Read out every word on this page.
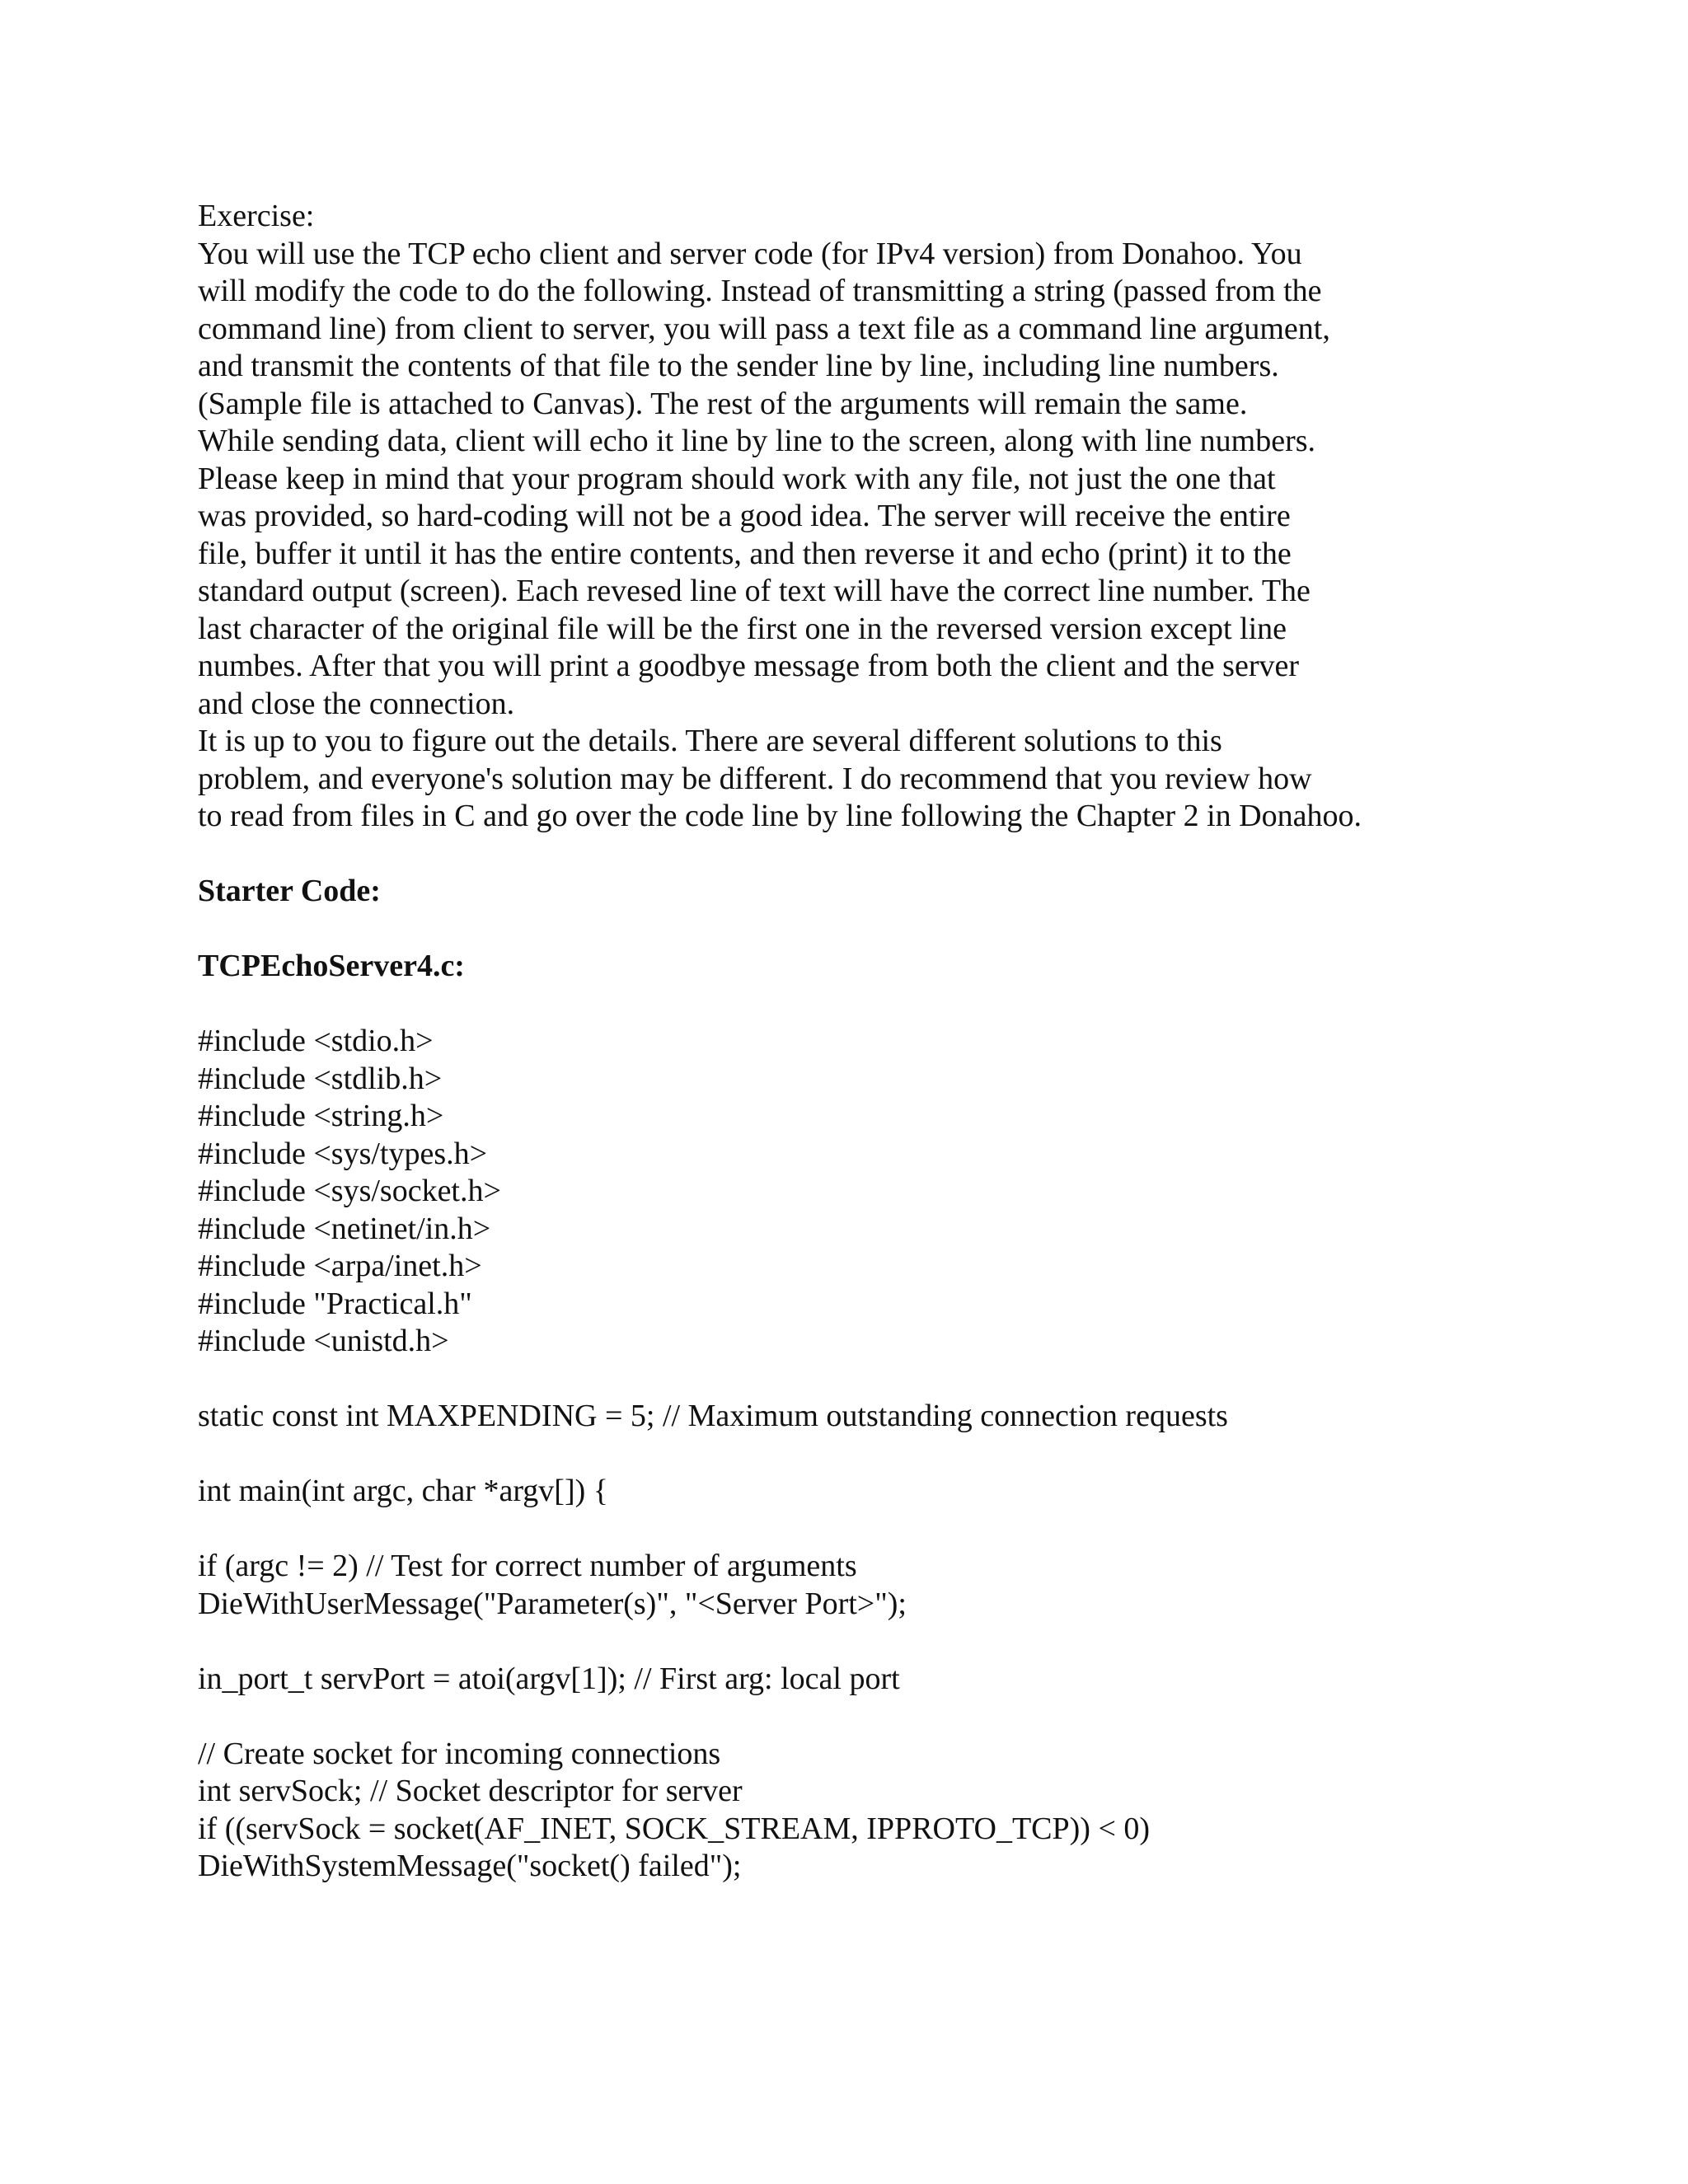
Exercise:
You will use the TCP echo client and server code (for IPv4 version) from Donahoo. You
will modify the code to do the following. Instead of transmitting a string (passed from the
command line) from client to server, you will pass a text file as a command line argument,
and transmit the contents of that file to the sender line by line, including line numbers.
(Sample file is attached to Canvas). The rest of the arguments will remain the same.
While sending data, client will echo it line by line to the screen, along with line numbers.
Please keep in mind that your program should work with any file, not just the one that
was provided, so hard-coding will not be a good idea. The server will receive the entire
file, buffer it until it has the entire contents, and then reverse it and echo (print) it to the
standard output (screen). Each revesed line of text will have the correct line number. The
last character of the original file will be the first one in the reversed version except line
numbes. After that you will print a goodbye message from both the client and the server
and close the connection.
It is up to you to figure out the details. There are several different solutions to this
problem, and everyone's solution may be different. I do recommend that you review how
to read from files in C and go over the code line by line following the Chapter 2 in Donahoo.
Starter Code:
TCPEchoServer4.c:
#include <stdio.h>
#include <stdlib.h>
#include <string.h>
#include <sys/types.h>
#include <sys/socket.h>
#include <netinet/in.h>
#include <arpa/inet.h>
#include "Practical.h"
#include <unistd.h>
static const int MAXPENDING = 5; // Maximum outstanding connection requests
int main(int argc, char *argv[]) {
if (argc != 2) // Test for correct number of arguments
DieWithUserMessage("Parameter(s)", "<Server Port>");
in_port_t servPort = atoi(argv[1]); // First arg: local port
// Create socket for incoming connections
int servSock; // Socket descriptor for server
if ((servSock = socket(AF_INET, SOCK_STREAM, IPPROTO_TCP)) < 0)
DieWithSystemMessage("socket() failed");
